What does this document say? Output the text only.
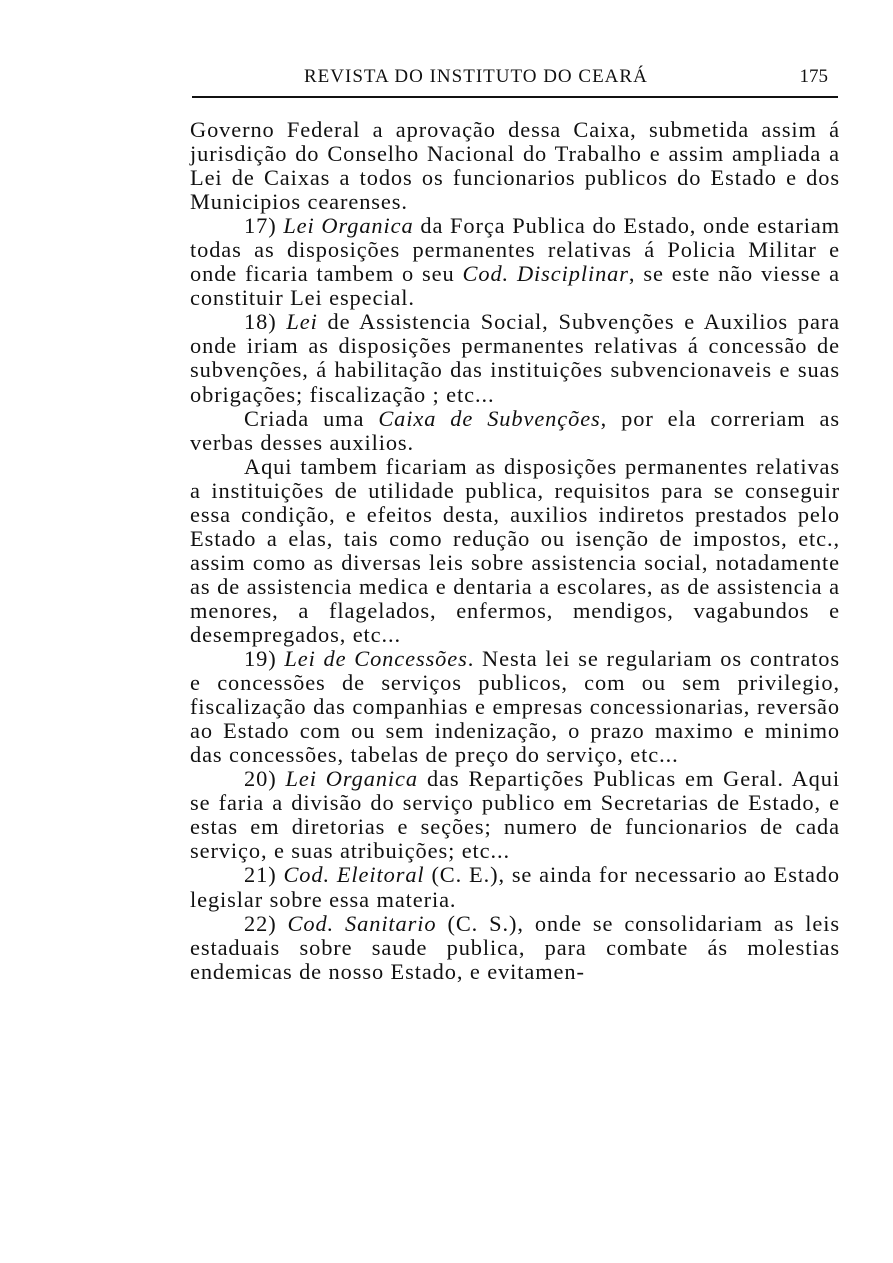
REVISTA DO INSTITUTO DO CEARÁ	175

Governo Federal a aprovação dessa Caixa, submetida assim á jurisdição do Conselho Nacional do Trabalho e assim ampliada a Lei de Caixas a todos os funcionarios publicos do Estado e dos Municipios cearenses.

17) Lei Organica da Força Publica do Estado, onde estariam todas as disposições permanentes relativas á Policia Militar e onde ficaria tambem o seu Cod. Disciplinar, se este não viesse a constituir Lei especial.

18) Lei de Assistencia Social, Subvenções e Auxilios para onde iriam as disposições permanentes relativas á concessão de subvenções, á habilitação das instituições subvencionaveis e suas obrigações; fiscalização ; etc...

Criada uma Caixa de Subvenções, por ela correriam as verbas desses auxilios.

Aqui tambem ficariam as disposições permanentes relativas a instituições de utilidade publica, requisitos para se conseguir essa condição, e efeitos desta, auxilios indiretos prestados pelo Estado a elas, tais como redução ou isenção de impostos, etc., assim como as diversas leis sobre assistencia social, notadamente as de assistencia medica e dentaria a escolares, as de assistencia a menores, a flagelados, enfermos, mendigos, vagabundos e desempregados, etc...

19) Lei de Concessões. Nesta lei se regulariam os contratos e concessões de serviços publicos, com ou sem privilegio, fiscalização das companhias e empresas concessionarias, reversão ao Estado com ou sem indenização, o prazo maximo e minimo das concessões, tabelas de preço do serviço, etc...

20) Lei Organica das Repartições Publicas em Geral. Aqui se faria a divisão do serviço publico em Secretarias de Estado, e estas em diretorias e seções; numero de funcionarios de cada serviço, e suas atribuições; etc...

21) Cod. Eleitoral (C. E.), se ainda for necessario ao Estado legislar sobre essa materia.

22) Cod. Sanitario (C. S.), onde se consolidariam as leis estaduais sobre saude publica, para combate ás molestias endemicas de nosso Estado, e evitamen-
